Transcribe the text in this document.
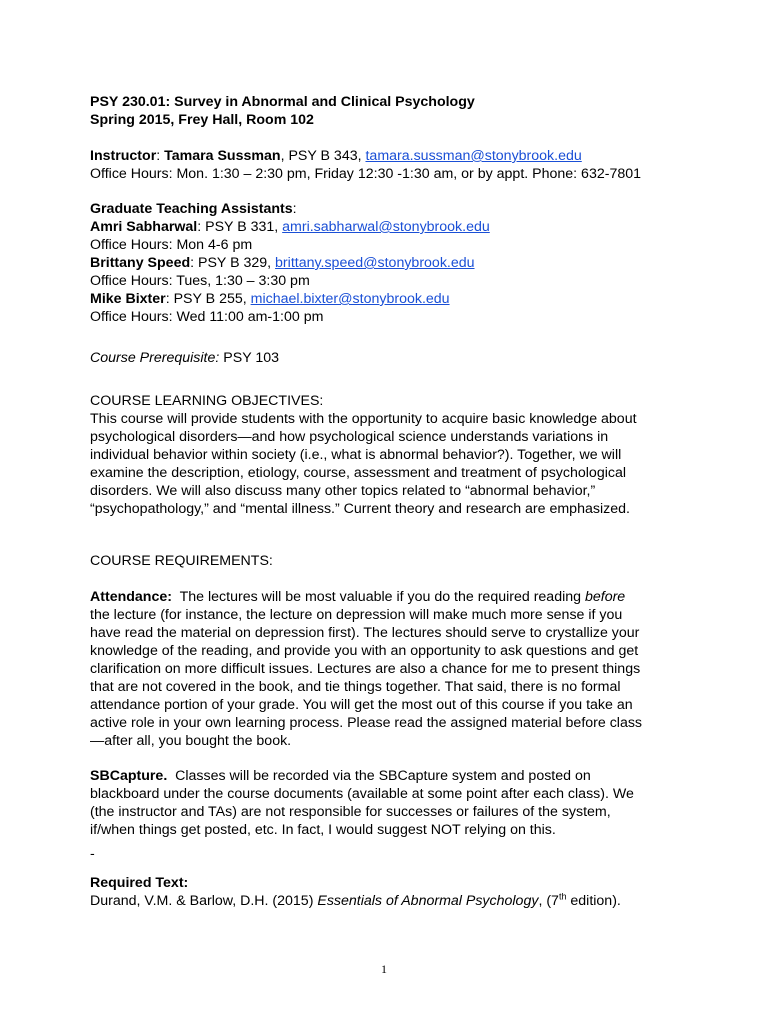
PSY 230.01: Survey in Abnormal and Clinical Psychology
Spring 2015, Frey Hall, Room 102
Instructor: Tamara Sussman, PSY B 343, tamara.sussman@stonybrook.edu
Office Hours: Mon. 1:30 – 2:30 pm, Friday 12:30 -1:30 am, or by appt. Phone: 632-7801
Graduate Teaching Assistants:
Amri Sabharwal: PSY B 331, amri.sabharwal@stonybrook.edu
Office Hours: Mon 4-6 pm
Brittany Speed: PSY B 329, brittany.speed@stonybrook.edu
Office Hours: Tues, 1:30 – 3:30 pm
Mike Bixter: PSY B 255, michael.bixter@stonybrook.edu
Office Hours: Wed 11:00 am-1:00 pm
Course Prerequisite: PSY 103
COURSE LEARNING OBJECTIVES:
This course will provide students with the opportunity to acquire basic knowledge about
psychological disorders—and how psychological science understands variations in
individual behavior within society (i.e., what is abnormal behavior?). Together, we will
examine the description, etiology, course, assessment and treatment of psychological
disorders. We will also discuss many other topics related to “abnormal behavior,”
“psychopathology,” and “mental illness.” Current theory and research are emphasized.
COURSE REQUIREMENTS:
Attendance:  The lectures will be most valuable if you do the required reading before
the lecture (for instance, the lecture on depression will make much more sense if you
have read the material on depression first). The lectures should serve to crystallize your
knowledge of the reading, and provide you with an opportunity to ask questions and get
clarification on more difficult issues. Lectures are also a chance for me to present things
that are not covered in the book, and tie things together. That said, there is no formal
attendance portion of your grade. You will get the most out of this course if you take an
active role in your own learning process. Please read the assigned material before class
—after all, you bought the book.
SBCapture.  Classes will be recorded via the SBCapture system and posted on
blackboard under the course documents (available at some point after each class). We
(the instructor and TAs) are not responsible for successes or failures of the system,
if/when things get posted, etc. In fact, I would suggest NOT relying on this.
-
Required Text:
Durand, V.M. & Barlow, D.H. (2015) Essentials of Abnormal Psychology, (7th edition).
1
